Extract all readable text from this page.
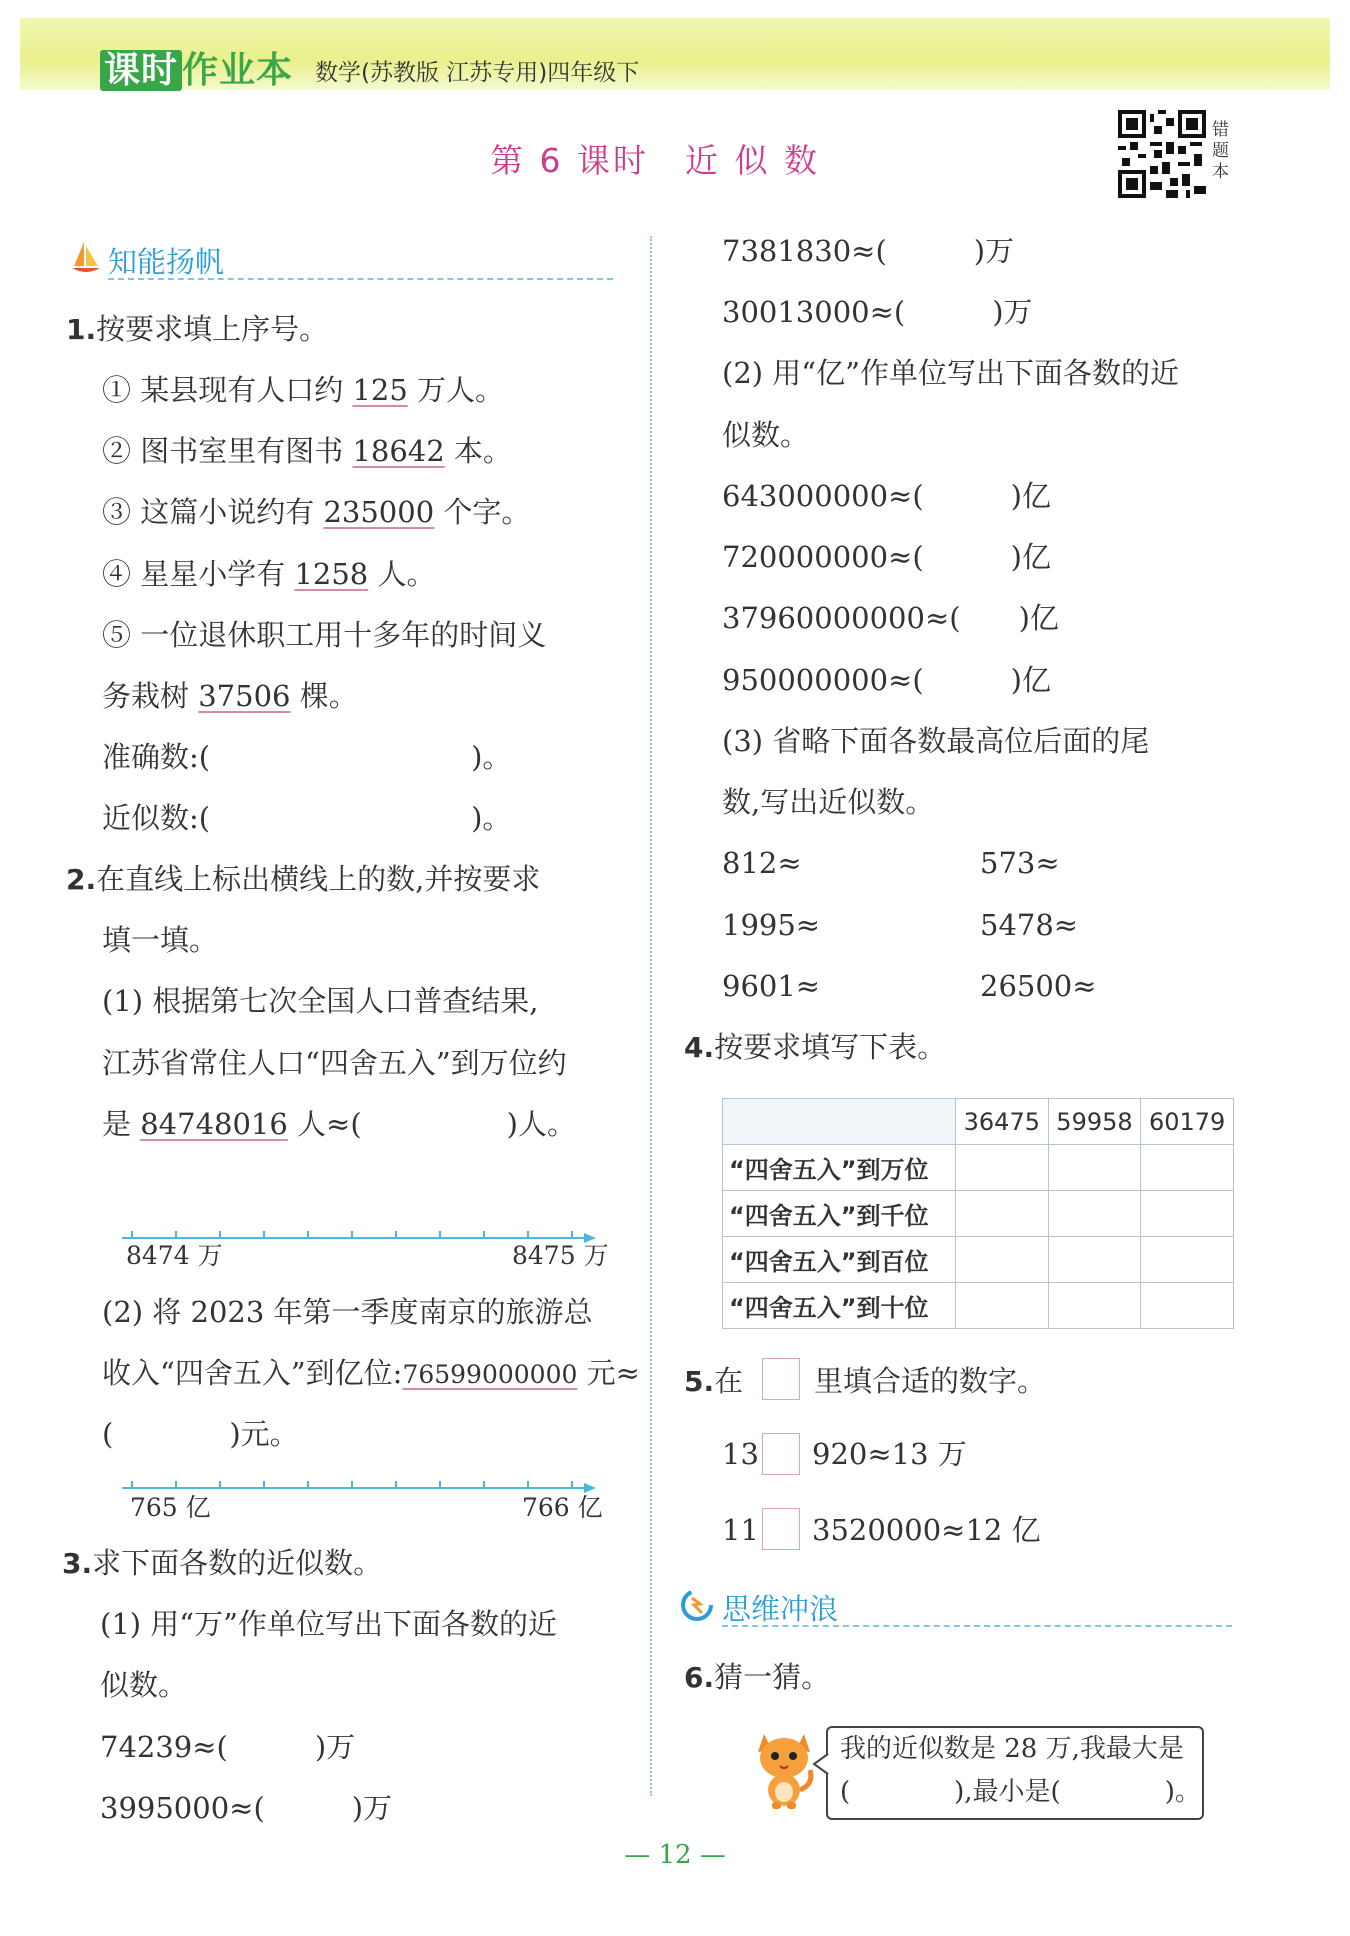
课时 作业本 数学(苏教版 江苏专用)四年级下
第 6 课时　近 似 数
错题本
知能扬帆
1.按要求填上序号。
① 某县现有人口约 125 万人。
② 图书室里有图书 18642 本。
③ 这篇小说约有 235000 个字。
④ 星星小学有 1258 人。
⑤ 一位退休职工用十多年的时间义
务栽树 37506 棵。
准确数:(　　　　　　　　　)。
近似数:(　　　　　　　　　)。
2.在直线上标出横线上的数,并按要求
填一填。
(1) 根据第七次全国人口普查结果,
江苏省常住人口“四舍五入”到万位约
是 84748016 人≈(　　　　　)人。
8474 万	8475 万
(2) 将 2023 年第一季度南京的旅游总
收入“四舍五入”到亿位:76599000000 元≈
(　　　　)元。
765 亿	766 亿
3.求下面各数的近似数。
(1) 用“万”作单位写出下面各数的近
似数。
74239≈(　　　)万
3995000≈(　　　)万
7381830≈(　　　)万
30013000≈(　　　)万
(2) 用“亿”作单位写出下面各数的近
似数。
643000000≈(　　　)亿
720000000≈(　　　)亿
37960000000≈(　　)亿
950000000≈(　　　)亿
(3) 省略下面各数最高位后面的尾
数,写出近似数。
812≈	573≈
1995≈	5478≈
9601≈	26500≈
4.按要求填写下表。
	36475	59958	60179
“四舍五入”到万位			
“四舍五入”到千位			
“四舍五入”到百位			
“四舍五入”到十位			
5.在 里填合适的数字。
13 920≈13 万
11 3520000≈12 亿
思维冲浪
6.猜一猜。
我的近似数是 28 万,我最大是
(　　　　),最小是(　　　　)。
— 12 —
